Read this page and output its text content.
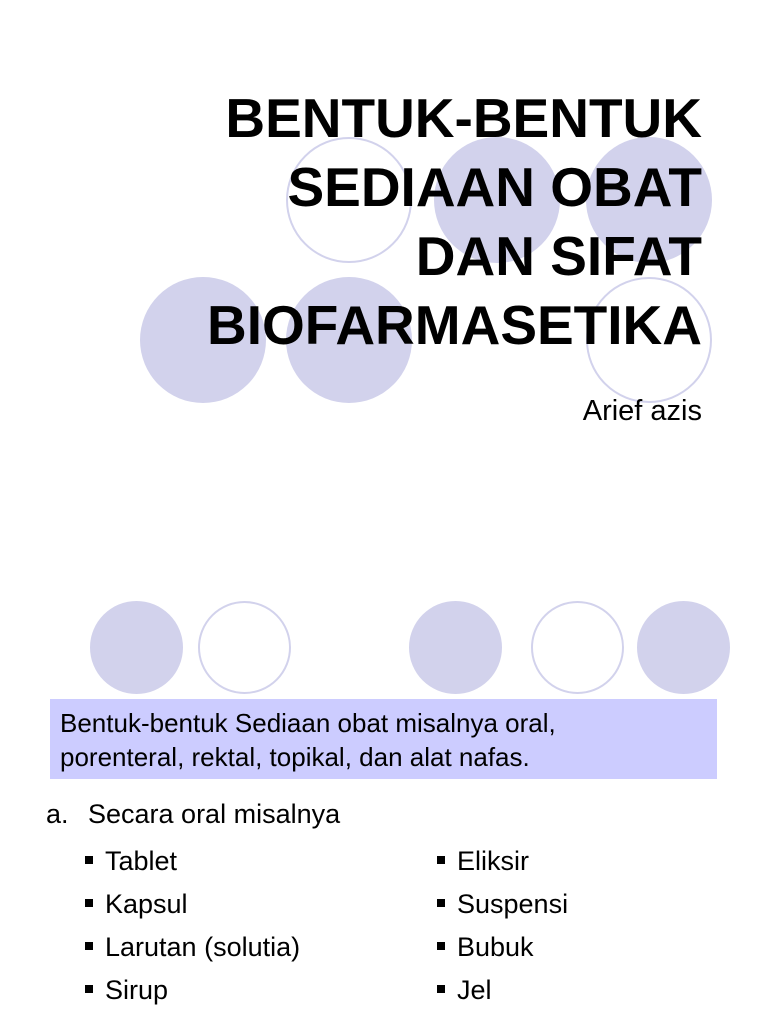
BENTUK-BENTUK
SEDIAAN OBAT
DAN SIFAT
BIOFARMASETIKA
Arief azis
Bentuk-bentuk Sediaan obat misalnya oral,
porenteral, rektal, topikal, dan alat nafas.
a. Secara oral misalnya
Tablet
Kapsul
Larutan (solutia)
Sirup
Eliksir
Suspensi
Bubuk
Jel
